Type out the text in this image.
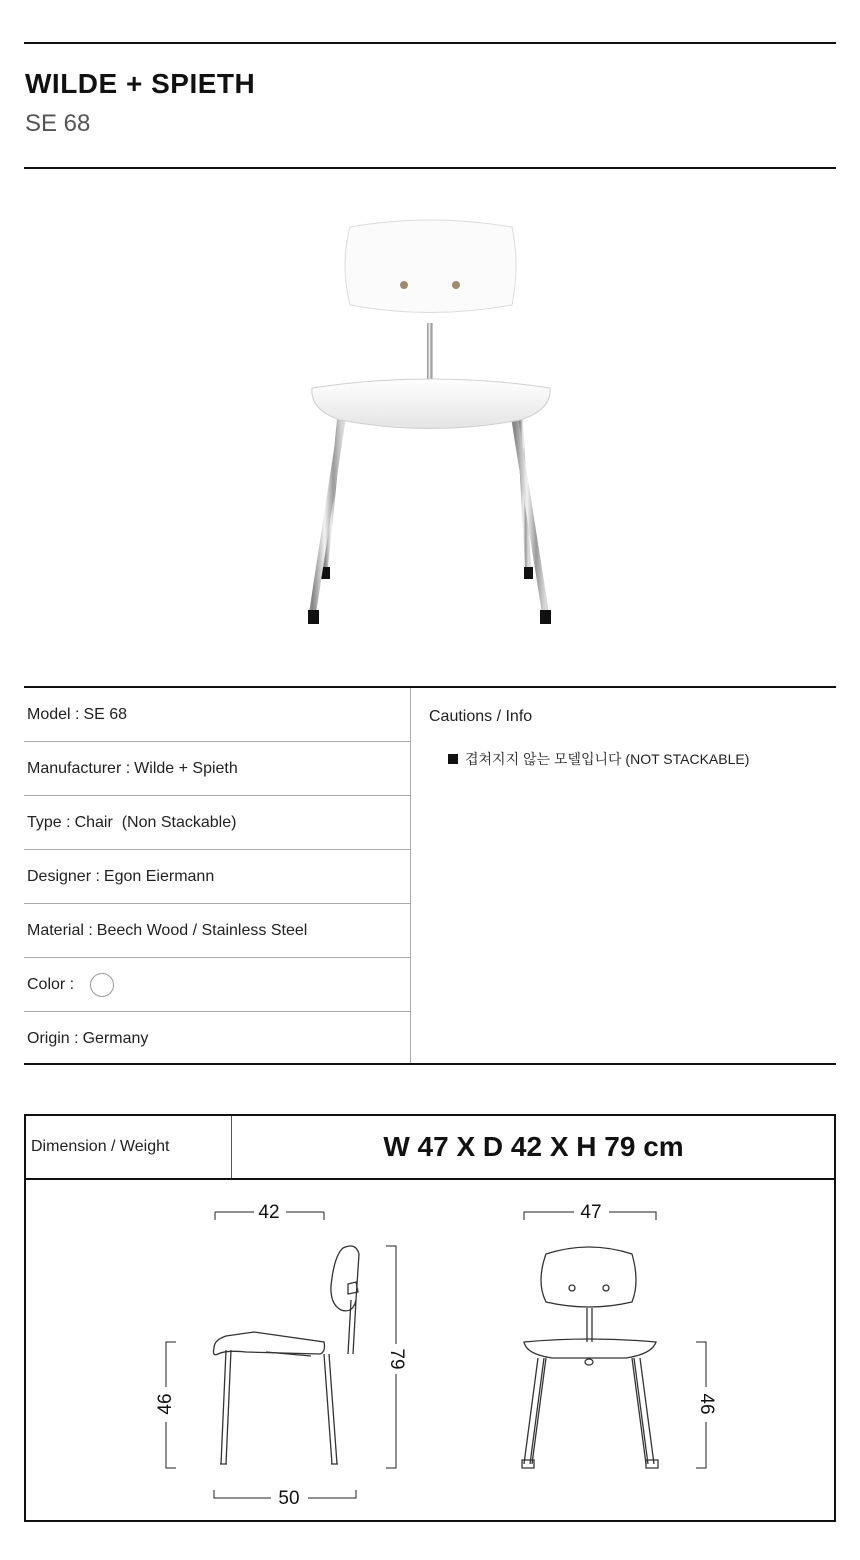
WILDE + SPIETH
SE 68
Model : SE 68
Manufacturer : Wilde + Spieth
Type : Chair  (Non Stackable)
Designer : Egon Eiermann
Material : Beech Wood / Stainless Steel
Color :
Origin : Germany
Cautions / Info
겹쳐지지 않는 모델입니다 (NOT STACKABLE)
Dimension / Weight	W 47 X D 42 X H 79 cm
42
79
46
50
47
46
